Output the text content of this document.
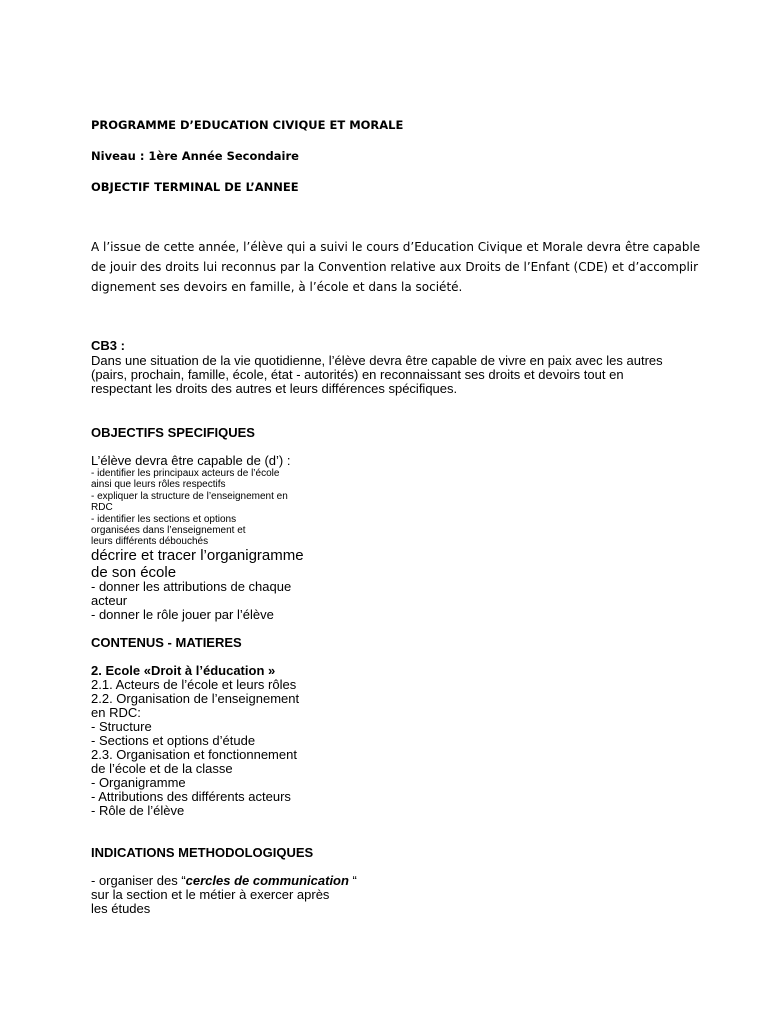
PROGRAMME D’EDUCATION CIVIQUE ET MORALE
Niveau : 1ère Année Secondaire
OBJECTIF TERMINAL DE L’ANNEE
A l’issue de cette année, l’élève qui a suivi le cours d’Education Civique et Morale devra être capable
de jouir des droits lui reconnus par la Convention relative aux Droits de l’Enfant (CDE) et d’accomplir
dignement ses devoirs en famille, à l’école et dans la société.
CB3 :
Dans une situation de la vie quotidienne, l’élève devra être capable de vivre en paix avec les autres
(pairs, prochain, famille, école, état - autorités) en reconnaissant ses droits et devoirs tout en
respectant les droits des autres et leurs différences spécifiques.
OBJECTIFS SPECIFIQUES
L’élève devra être capable de (d’) :
- identifier les principaux acteurs de l’école
ainsi que leurs rôles respectifs
- expliquer la structure de l’enseignement en
RDC
- identifier les sections et options
organisées dans l’enseignement et
leurs différents débouchés
décrire et tracer l’organigramme
de son école
- donner les attributions de chaque
acteur
- donner le rôle jouer par l’élève
CONTENUS - MATIERES
2. Ecole «Droit à l’éducation »
2.1. Acteurs de l’école et leurs rôles
2.2. Organisation de l’enseignement
en RDC:
- Structure
- Sections et options d’étude
2.3. Organisation et fonctionnement
de l’école et de la classe
- Organigramme
- Attributions des différents acteurs
- Rôle de l’élève
INDICATIONS METHODOLOGIQUES
- organiser des “cercles de communication “
sur la section et le métier à exercer après
les études
